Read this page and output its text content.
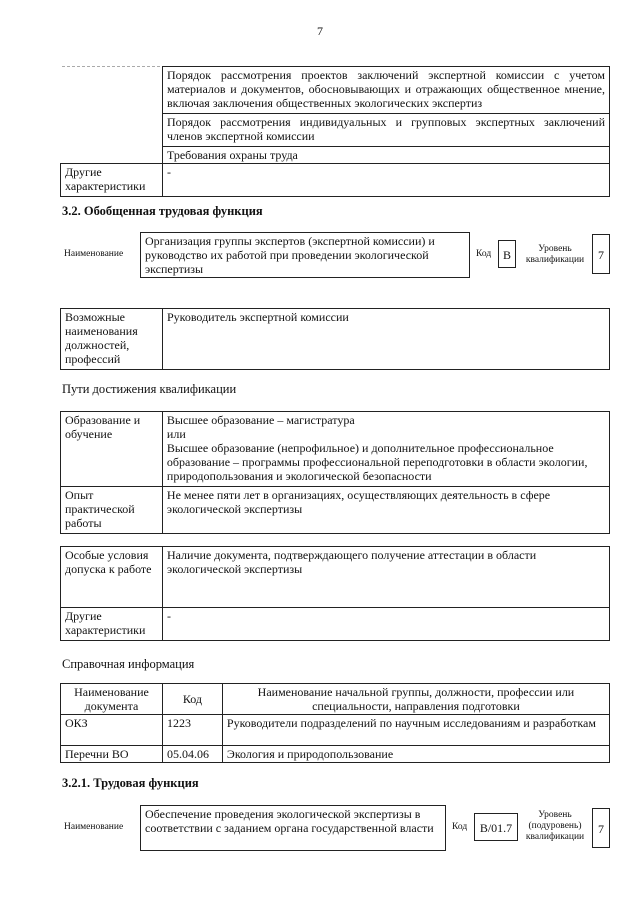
7
	Порядок рассмотрения проектов заключений экспертной комиссии с учетом материалов и документов, обосновывающих и отражающих общественное мнение, включая заключения общественных экологических экспертиз
	Порядок рассмотрения индивидуальных и групповых экспертных заключений членов экспертной комиссии
	Требования охраны труда
Другие характеристики	-
3.2. Обобщенная трудовая функция
Наименование
Организация группы экспертов (экспертной комиссии) и руководство их работой при проведении экологической экспертизы
Код B	Уровень квалификации	7
Возможные наименования должностей, профессий	Руководитель экспертной комиссии
Пути достижения квалификации
Образование и обучение	Высшее образование – магистратура
или
Высшее образование (непрофильное) и дополнительное профессиональное образование – программы профессиональной переподготовки в области экологии, природопользования и экологической безопасности
Опыт практической работы	Не менее пяти лет в организациях, осуществляющих деятельность в сфере экологической экспертизы
Особые условия допуска к работе	Наличие документа, подтверждающего получение аттестации в области экологической экспертизы
Другие характеристики	-
Справочная информация
Наименование документа	Код	Наименование начальной группы, должности, профессии или специальности, направления подготовки
ОКЗ	1223	Руководители подразделений по научным исследованиям и разработкам
Перечни ВО	05.04.06	Экология и природопользование
3.2.1. Трудовая функция
Наименование
Обеспечение проведения экологической экспертизы в соответствии с заданием органа государственной власти	Код	B/01.7
Уровень (подуровень) квалификации
7
